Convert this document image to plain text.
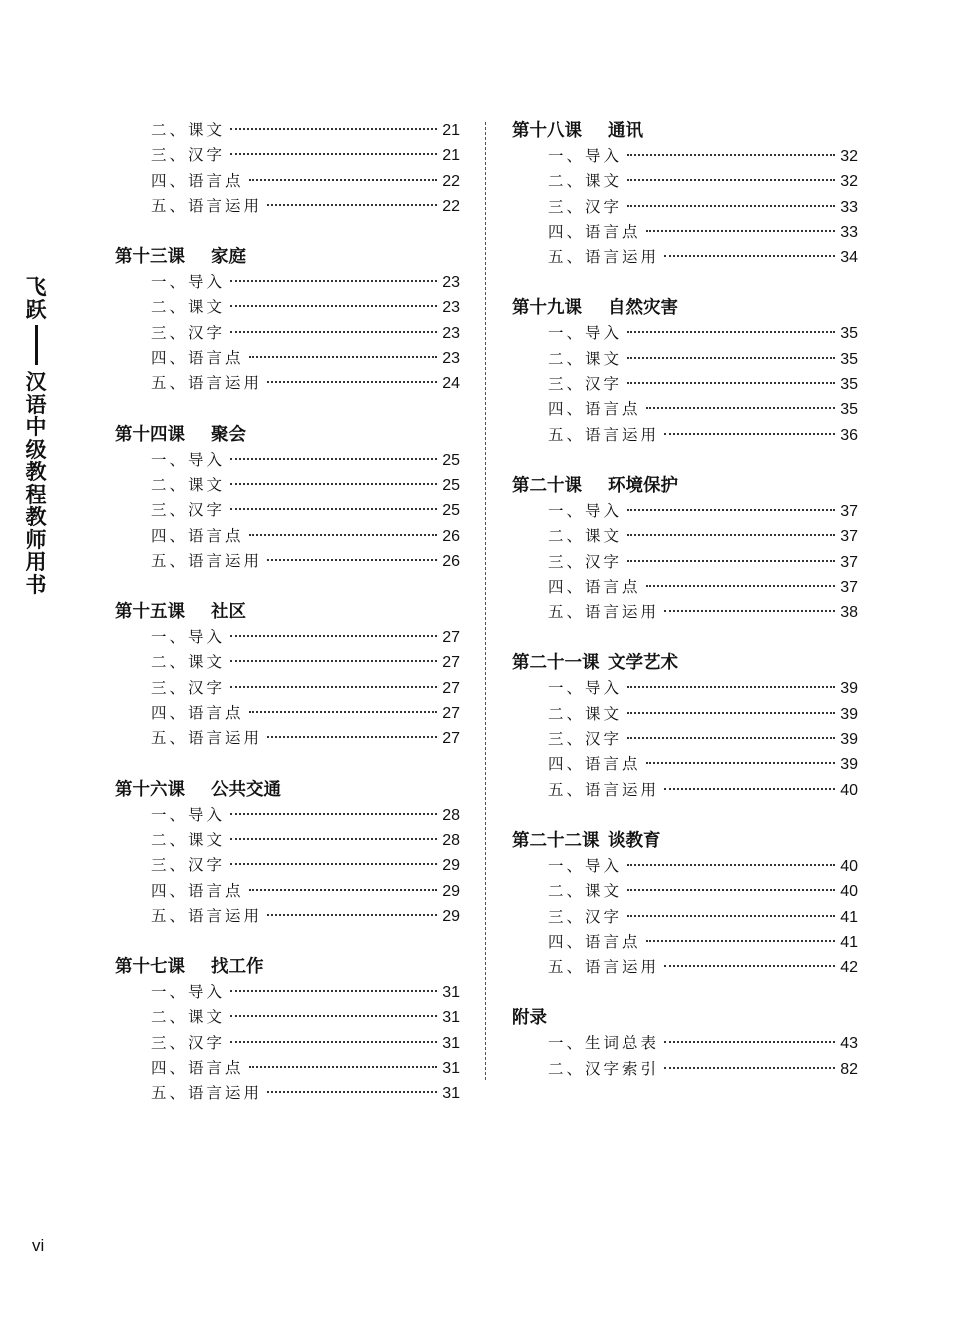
飞
跃
汉
语
中
级
教
程
教
师
用
书
二、课文	21
三、汉字	21
四、语言点	22
五、语言运用	22
第十三课 家庭
一、导入	23
二、课文	23
三、汉字	23
四、语言点	23
五、语言运用	24
第十四课 聚会
一、导入	25
二、课文	25
三、汉字	25
四、语言点	26
五、语言运用	26
第十五课 社区
一、导入	27
二、课文	27
三、汉字	27
四、语言点	27
五、语言运用	27
第十六课 公共交通
一、导入	28
二、课文	28
三、汉字	29
四、语言点	29
五、语言运用	29
第十七课 找工作
一、导入	31
二、课文	31
三、汉字	31
四、语言点	31
五、语言运用	31
第十八课 通讯
一、导入	32
二、课文	32
三、汉字	33
四、语言点	33
五、语言运用	34
第十九课 自然灾害
一、导入	35
二、课文	35
三、汉字	35
四、语言点	35
五、语言运用	36
第二十课 环境保护
一、导入	37
二、课文	37
三、汉字	37
四、语言点	37
五、语言运用	38
第二十一课 文学艺术
一、导入	39
二、课文	39
三、汉字	39
四、语言点	39
五、语言运用	40
第二十二课 谈教育
一、导入	40
二、课文	40
三、汉字	41
四、语言点	41
五、语言运用	42
附录
一、生词总表	43
二、汉字索引	82
vi
